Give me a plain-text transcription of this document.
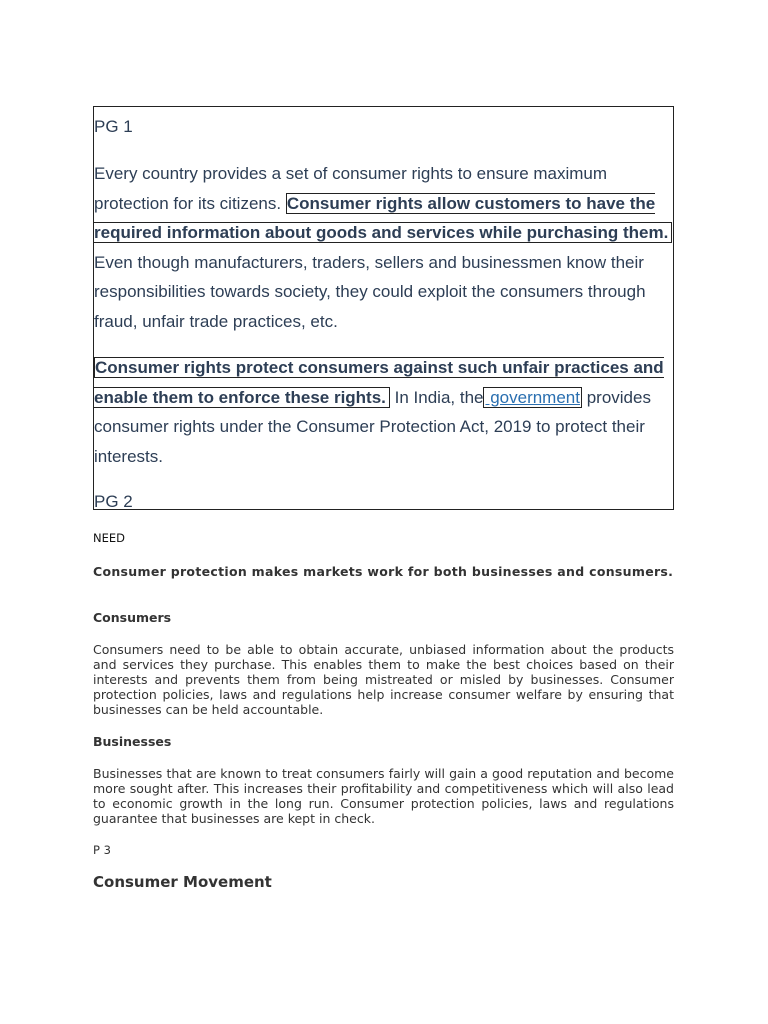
PG 1

Every country provides a set of consumer rights to ensure maximum protection for its citizens. Consumer rights allow customers to have the required information about goods and services while purchasing them. Even though manufacturers, traders, sellers and businessmen know their responsibilities towards society, they could exploit the consumers through fraud, unfair trade practices, etc.

Consumer rights protect consumers against such unfair practices and enable them to enforce these rights. In India, the government provides consumer rights under the Consumer Protection Act, 2019 to protect their interests.

PG 2
NEED
Consumer protection makes markets work for both businesses and consumers.
Consumers
Consumers need to be able to obtain accurate, unbiased information about the products and services they purchase. This enables them to make the best choices based on their interests and prevents them from being mistreated or misled by businesses. Consumer protection policies, laws and regulations help increase consumer welfare by ensuring that businesses can be held accountable.
Businesses
Businesses that are known to treat consumers fairly will gain a good reputation and become more sought after. This increases their profitability and competitiveness which will also lead to economic growth in the long run. Consumer protection policies, laws and regulations guarantee that businesses are kept in check.
P 3
Consumer Movement
